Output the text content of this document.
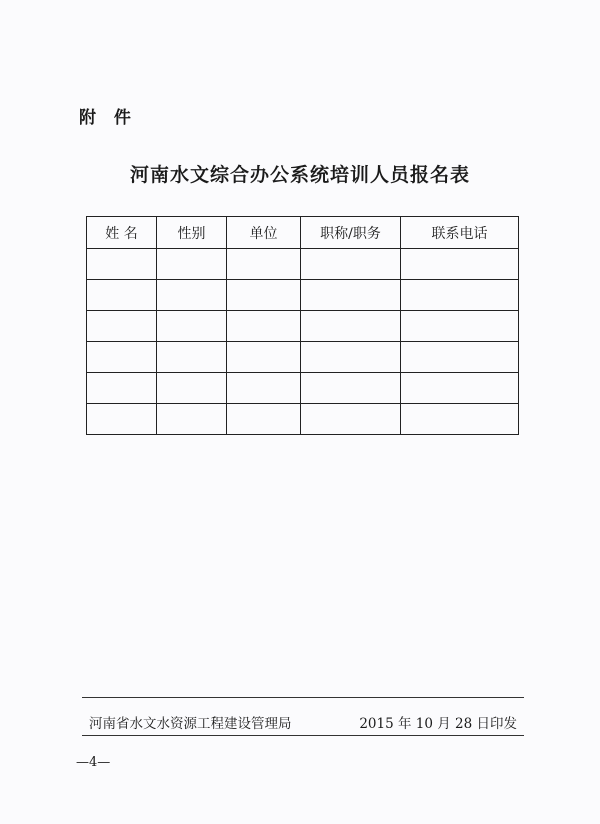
附 件
河南水文综合办公系统培训人员报名表
姓 名	性别	单位	职称/职务	联系电话

河南省水文水资源工程建设管理局	2015 年 10 月 28 日印发
—4—
